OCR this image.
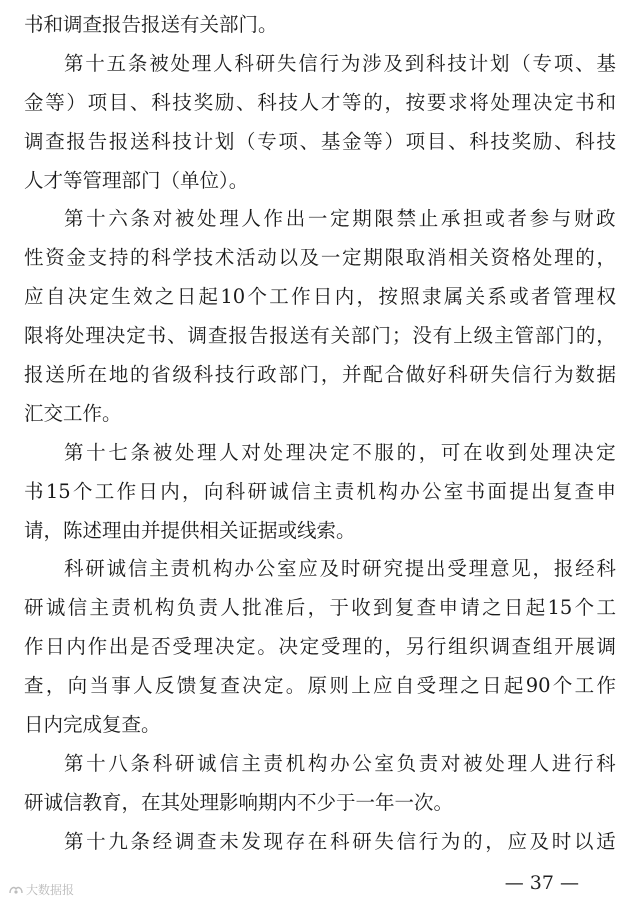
书和调查报告报送有关部门。
第 十 五 条 被 处 理 人 科 研 失 信 行 为 涉 及 到 科 技 计 划 （ 专 项 、 基
金 等 ） 项 目 、 科 技 奖 励 、 科 技 人 才 等 的 ， 按 要 求 将 处 理 决 定 书 和
调 查 报 告 报 送 科 技 计 划 （ 专 项 、 基 金 等 ） 项 目 、 科 技 奖 励 、 科 技
人才等管理部门（单位）。
第 十 六 条 对 被 处 理 人 作 出 一 定 期 限 禁 止 承 担 或 者 参 与 财 政
性 资 金 支 持 的 科 学 技 术 活 动 以 及 一 定 期 限 取 消 相 关 资 格 处 理 的 ，
应 自 决 定 生 效 之 日 起 10 个 工 作 日 内 ， 按 照 隶 属 关 系 或 者 管 理 权
限 将 处 理 决 定 书 、 调 查 报 告 报 送 有 关 部 门 ； 没 有 上 级 主 管 部 门 的 ，
报 送 所 在 地 的 省 级 科 技 行 政 部 门 ， 并 配 合 做 好 科 研 失 信 行 为 数 据
汇交工作。
第 十 七 条 被 处 理 人 对 处 理 决 定 不 服 的 ， 可 在 收 到 处 理 决 定
书 15 个 工 作 日 内 ， 向 科 研 诚 信 主 责 机 构 办 公 室 书 面 提 出 复 查 申
请，陈述理由并提供相关证据或线索。
科 研 诚 信 主 责 机 构 办 公 室 应 及 时 研 究 提 出 受 理 意 见 ， 报 经 科
研 诚 信 主 责 机 构 负 责 人 批 准 后 ， 于 收 到 复 查 申 请 之 日 起 15 个 工
作 日 内 作 出 是 否 受 理 决 定 。 决 定 受 理 的 ， 另 行 组 织 调 查 组 开 展 调
查 ， 向 当 事 人 反 馈 复 查 决 定 。 原 则 上 应 自 受 理 之 日 起 90 个 工 作
日内完成复查。
第 十 八 条 科 研 诚 信 主 责 机 构 办 公 室 负 责 对 被 处 理 人 进 行 科
研诚信教育，在其处理影响期内不少于一年一次。
第 十 九 条 经 调 查 未 发 现 存 在 科 研 失 信 行 为 的 ， 应 及 时 以 适
大数据报	— 37 —
